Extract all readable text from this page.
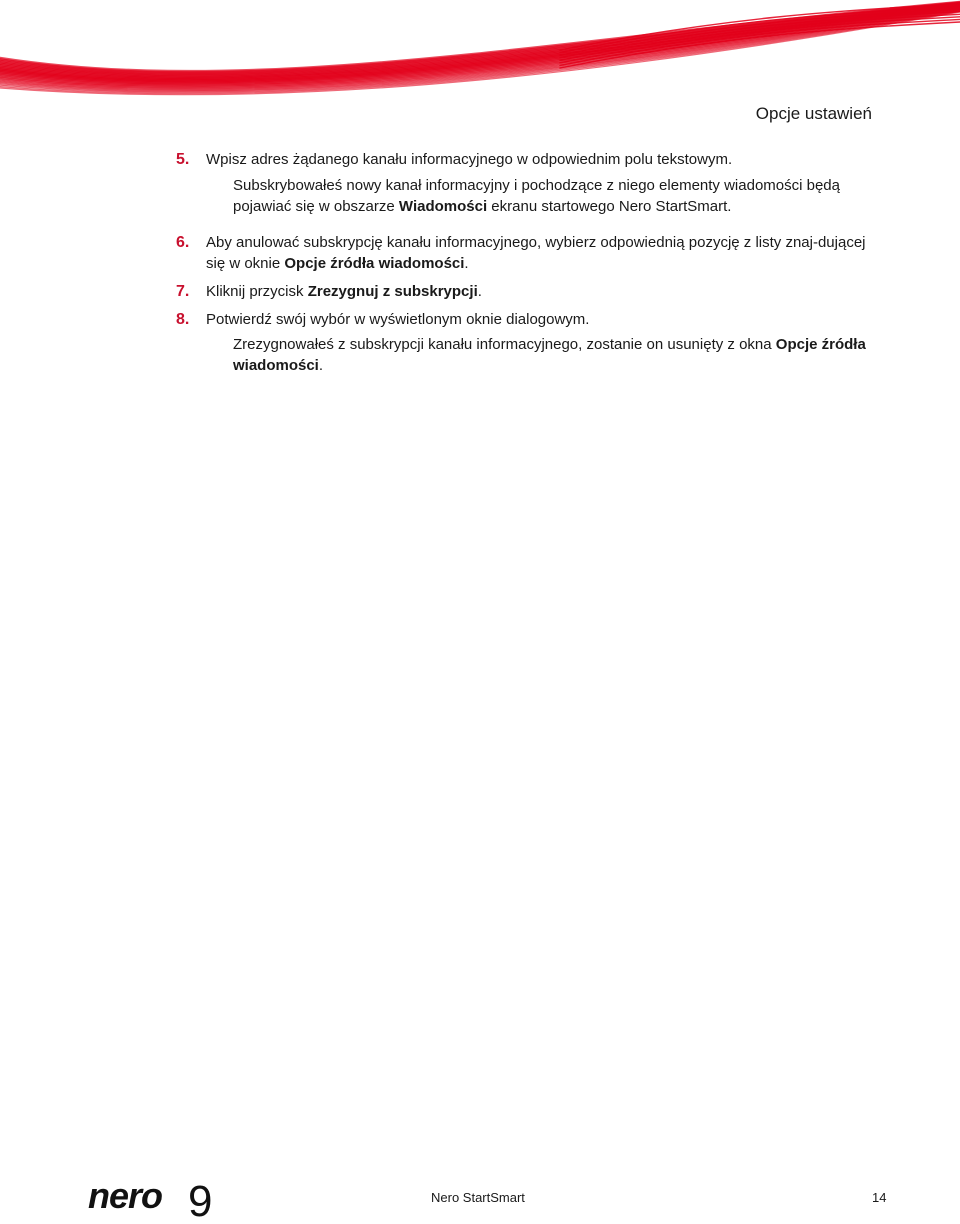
Opcje ustawień
5. Wpisz adres żądanego kanału informacyjnego w odpowiednim polu tekstowym.
Subskrybowałeś nowy kanał informacyjny i pochodzące z niego elementy wiadomości będą pojawiać się w obszarze Wiadomości ekranu startowego Nero StartSmart.
6. Aby anulować subskrypcję kanału informacyjnego, wybierz odpowiednią pozycję z listy znaj-dującej się w oknie Opcje źródła wiadomości.
7. Kliknij przycisk Zrezygnuj z subskrypcji.
8. Potwierdź swój wybór w wyświetlonym oknie dialogowym.
Zrezygnowałeś z subskrypcji kanału informacyjnego, zostanie on usunięty z okna Opcje źródła wiadomości.
nero 9	Nero StartSmart	14
